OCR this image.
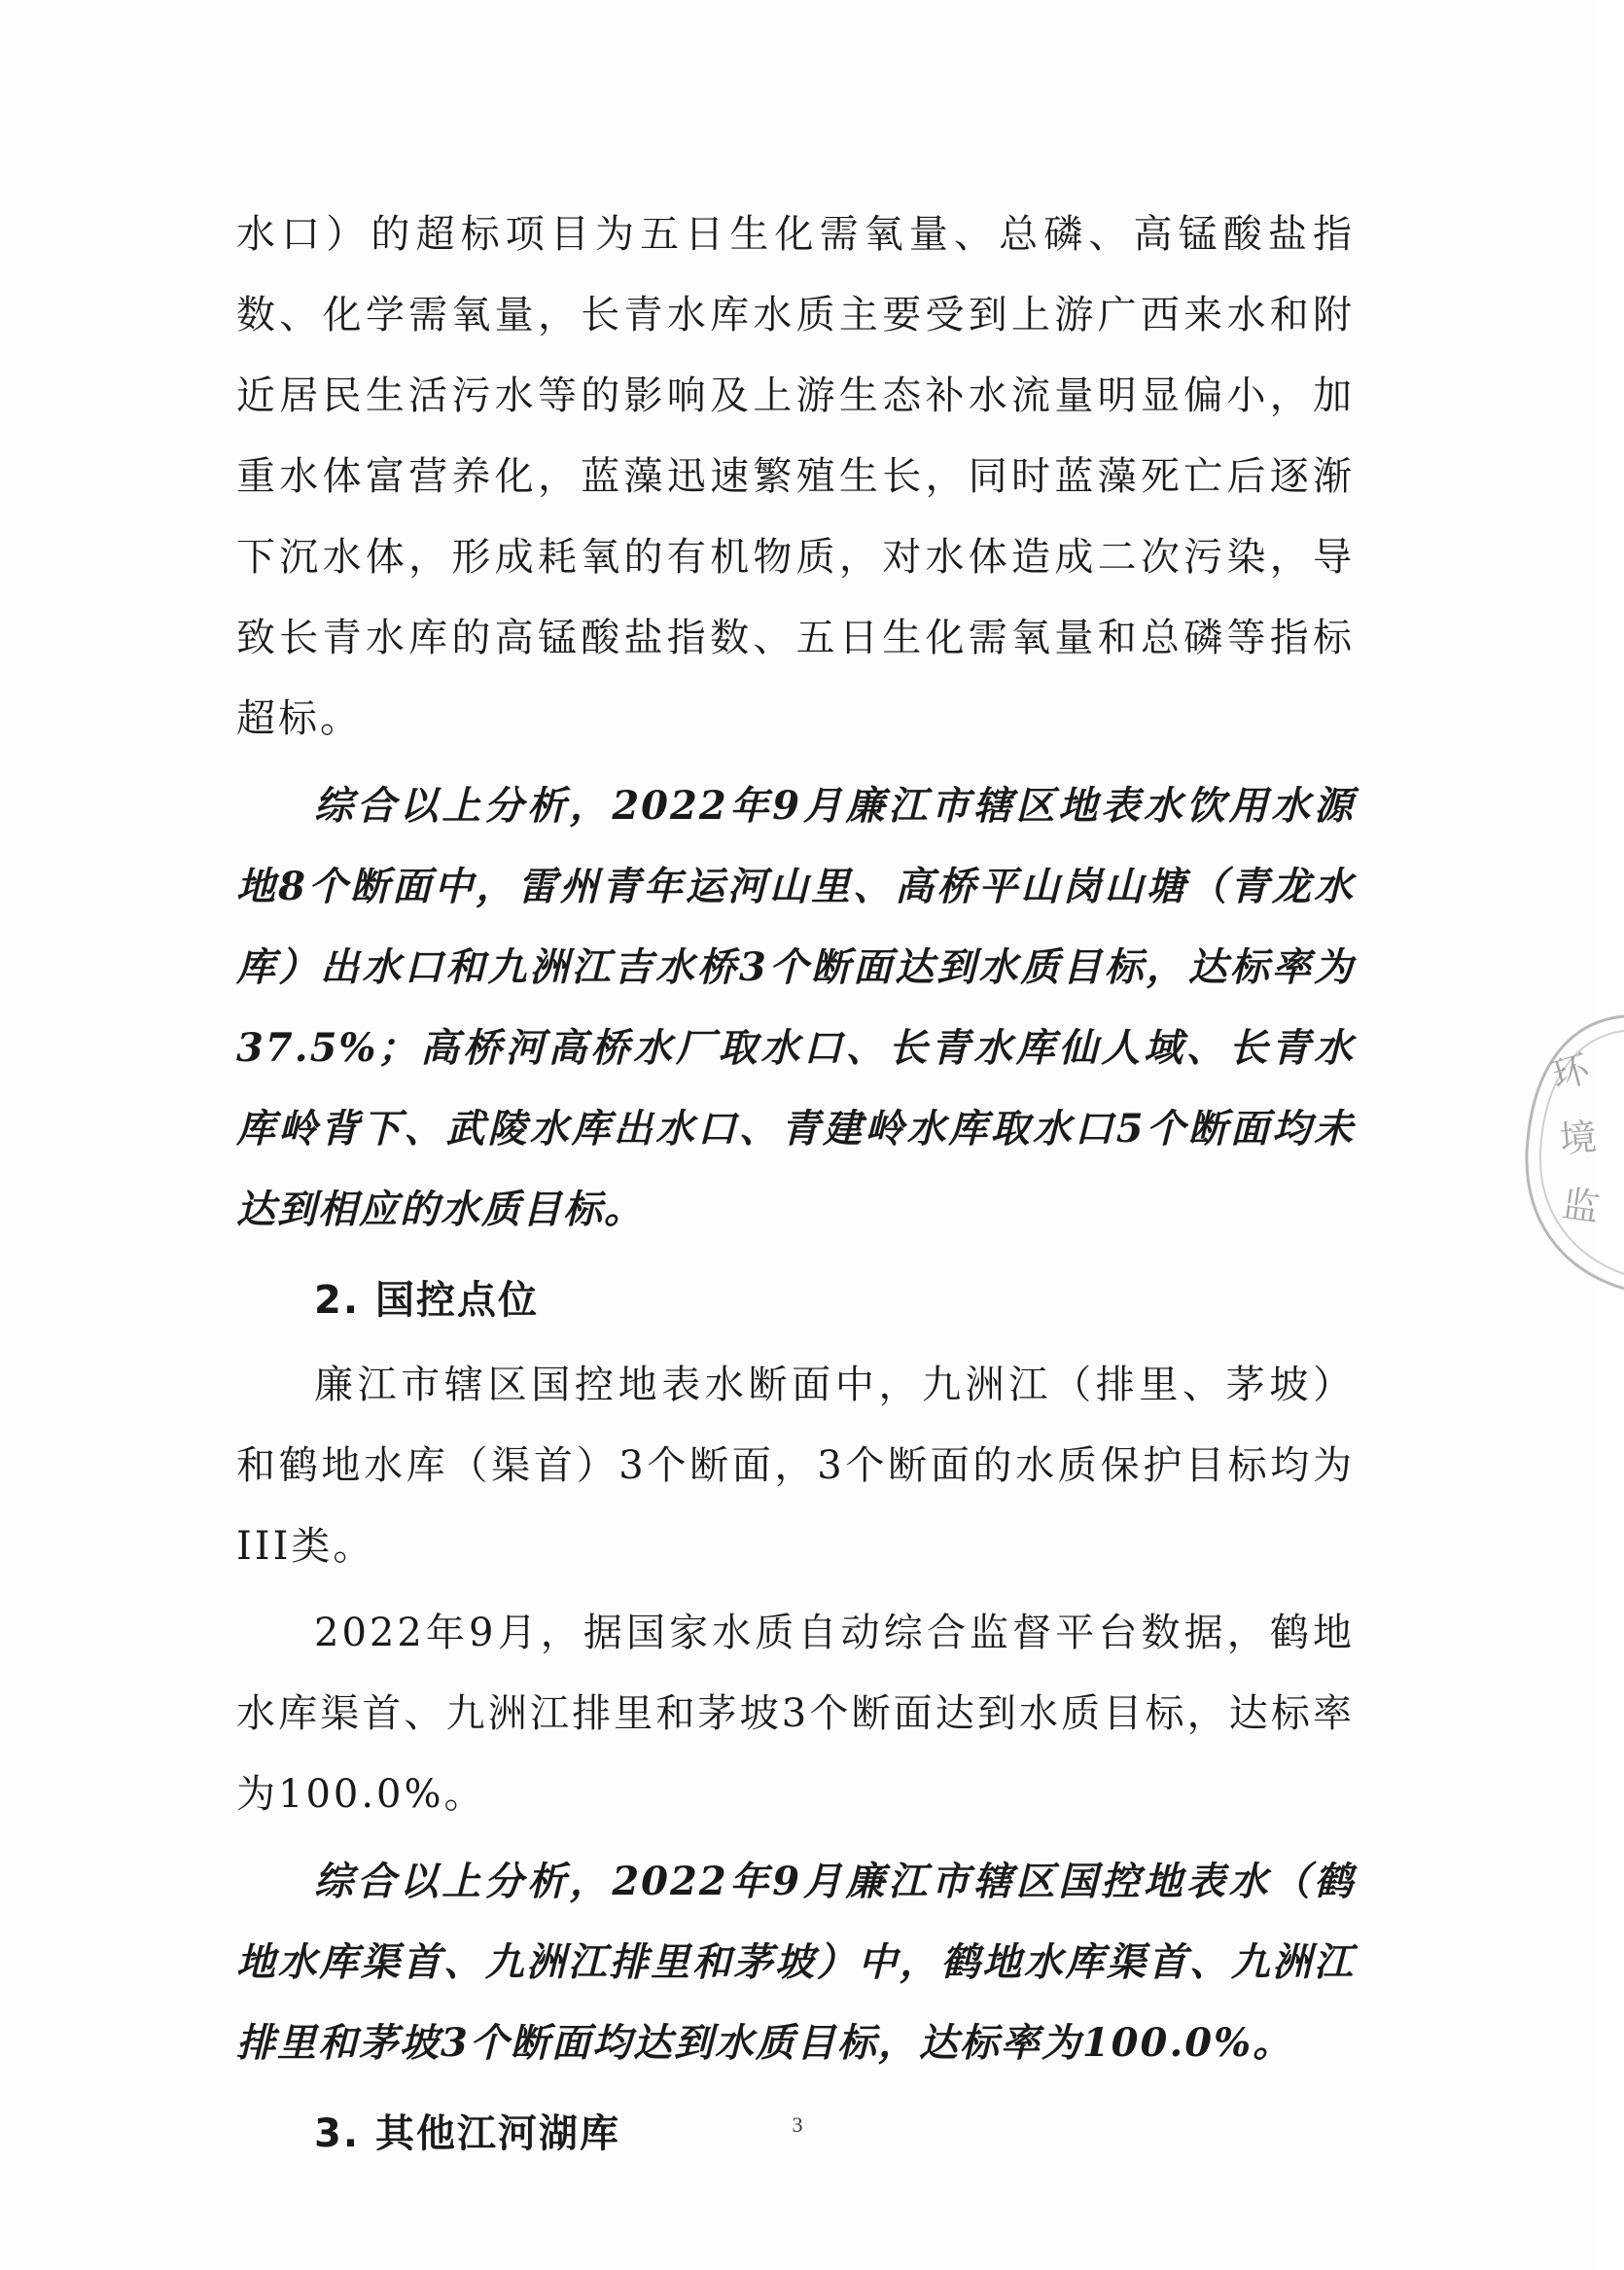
水口）的超标项目为五日生化需氧量、总磷、高锰酸盐指数、化学需氧量，长青水库水质主要受到上游广西来水和附近居民生活污水等的影响及上游生态补水流量明显偏小，加重水体富营养化，蓝藻迅速繁殖生长，同时蓝藻死亡后逐渐下沉水体，形成耗氧的有机物质，对水体造成二次污染，导致长青水库的高锰酸盐指数、五日生化需氧量和总磷等指标超标。

综合以上分析，2022年9月廉江市辖区地表水饮用水源地8个断面中，雷州青年运河山里、高桥平山岗山塘（青龙水库）出水口和九洲江吉水桥3个断面达到水质目标，达标率为37.5%；高桥河高桥水厂取水口、长青水库仙人域、长青水库岭背下、武陵水库出水口、青建岭水库取水口5个断面均未达到相应的水质目标。

2. 国控点位

廉江市辖区国控地表水断面中，九洲江（排里、茅坡）和鹤地水库（渠首）3个断面，3个断面的水质保护目标均为III类。

2022年9月，据国家水质自动综合监督平台数据，鹤地水库渠首、九洲江排里和茅坡3个断面达到水质目标，达标率为100.0%。

综合以上分析，2022年9月廉江市辖区国控地表水（鹤地水库渠首、九洲江排里和茅坡）中，鹤地水库渠首、九洲江排里和茅坡3个断面均达到水质目标，达标率为100.0%。

3. 其他江河湖库

环
境
监
3
